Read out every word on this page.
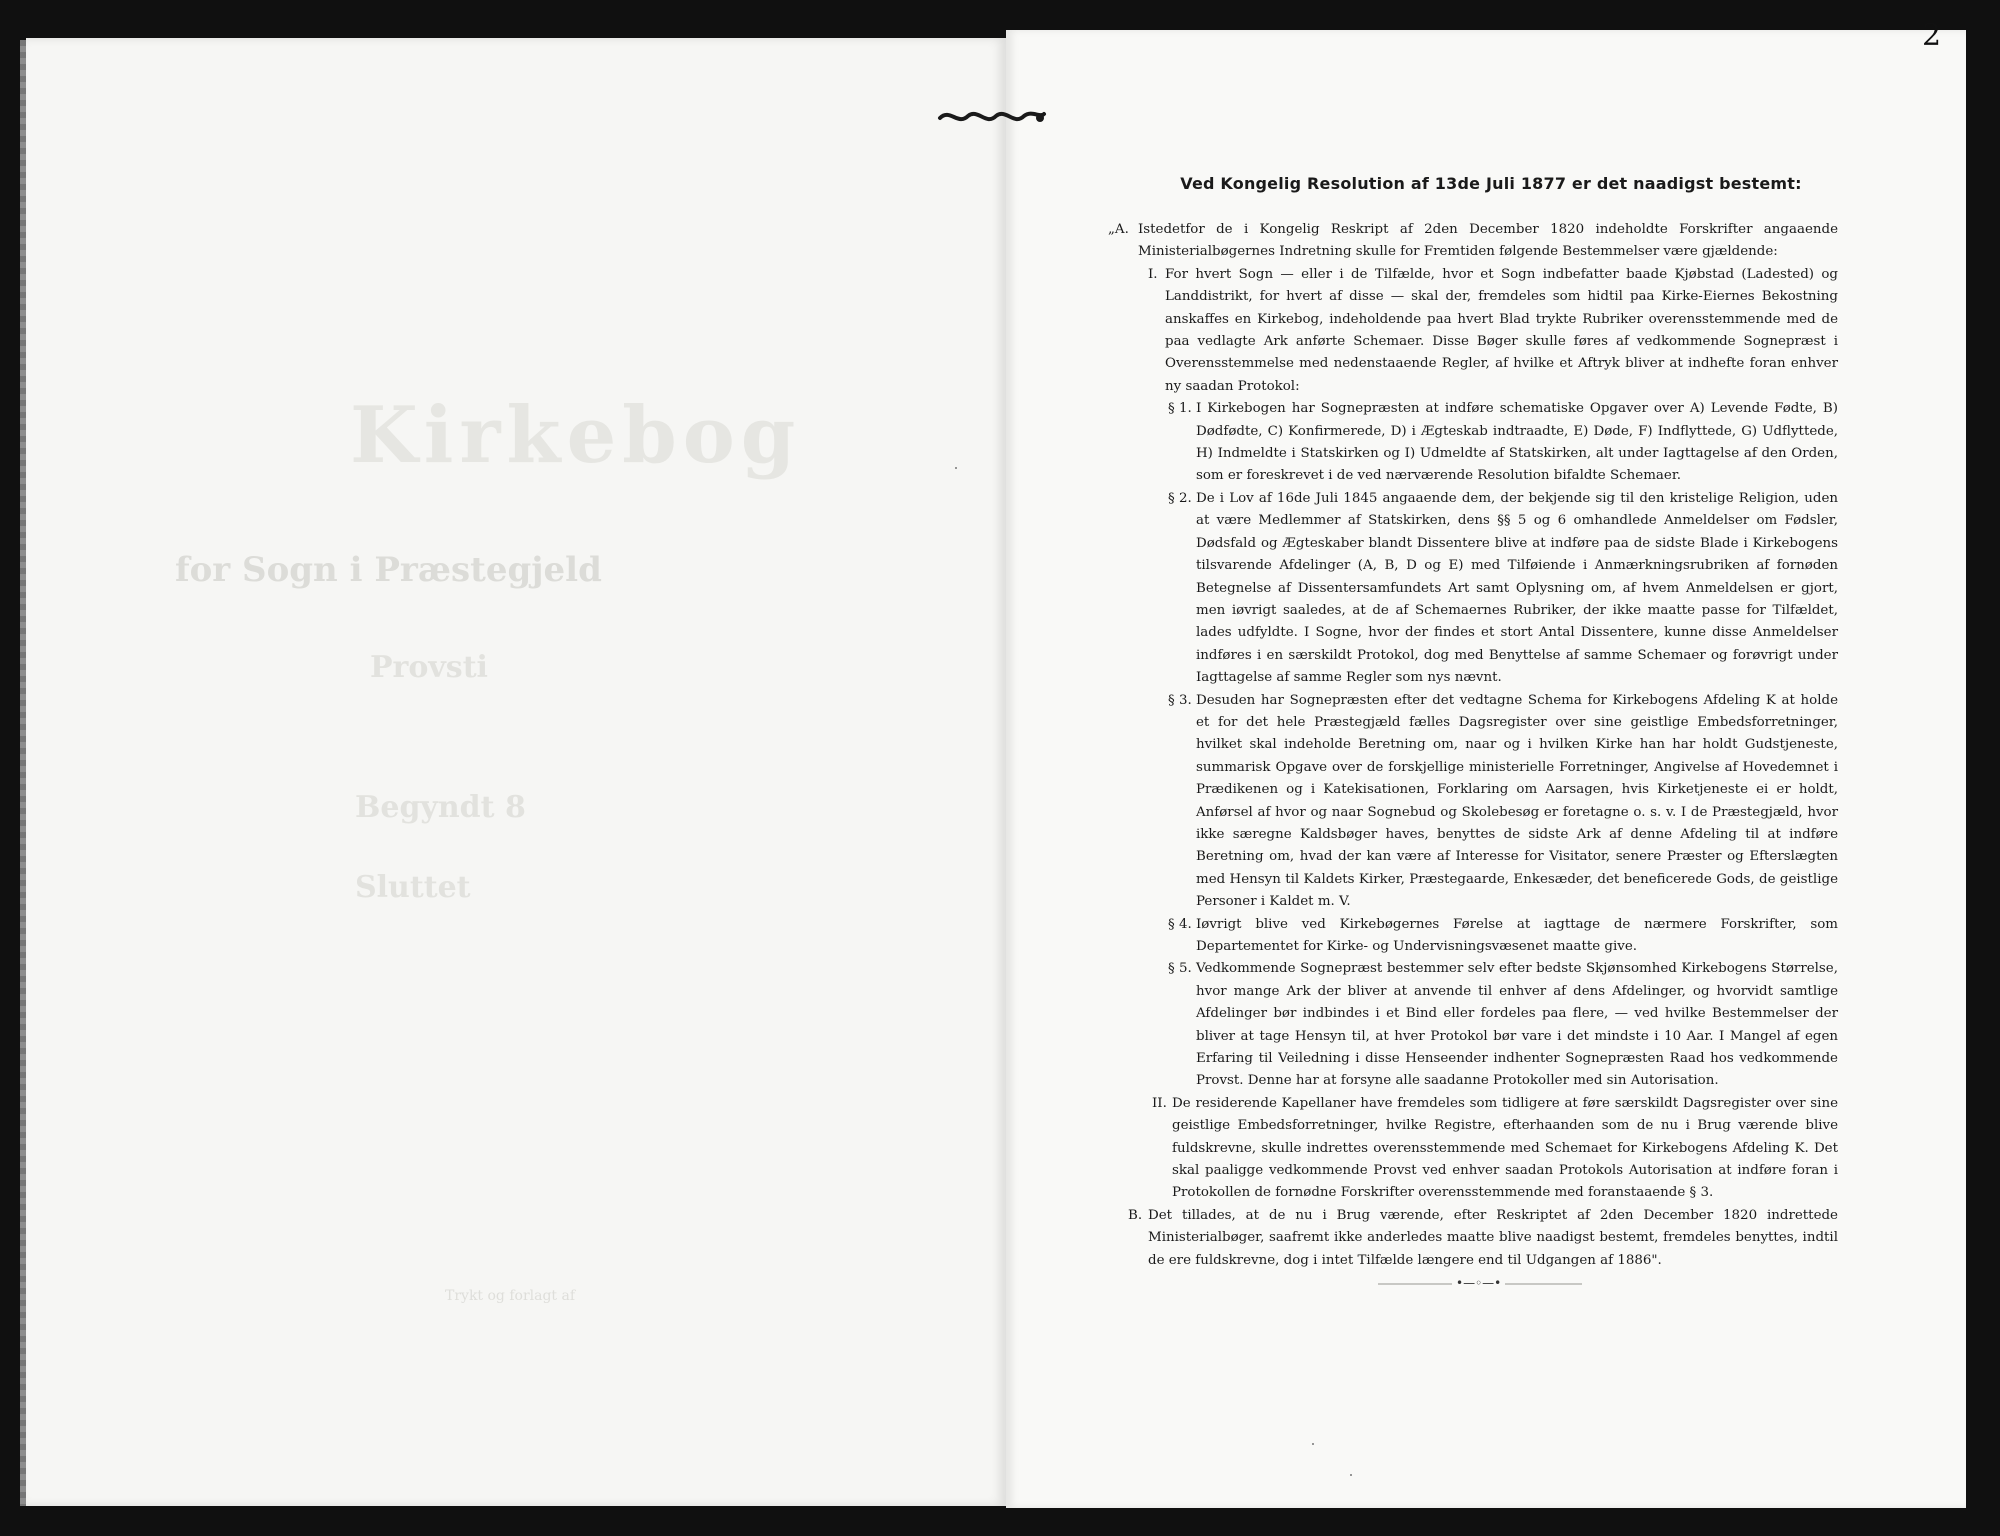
Kirkebog
for Sogn i Præstegjeld
Provsti
Begyndt 8
Sluttet
Trykt og forlagt af
2
Ved Kongelig Resolution af 13de Juli 1877 er det naadigst bestemt:
„A. Istedetfor de i Kongelig Reskript af 2den December 1820 indeholdte Forskrifter angaaende Ministerialbøgernes Indretning skulle for Fremtiden følgende Bestemmelser være gjældende:
I. For hvert Sogn — eller i de Tilfælde, hvor et Sogn indbefatter baade Kjøbstad (Ladested) og Landdistrikt, for hvert af disse — skal der, fremdeles som hidtil paa Kirke-Eiernes Bekostning anskaffes en Kirkebog, indeholdende paa hvert Blad trykte Rubriker overensstemmende med de paa vedlagte Ark anførte Schemaer. Disse Bøger skulle føres af vedkommende Sognepræst i Overensstemmelse med nedenstaaende Regler, af hvilke et Aftryk bliver at indhefte foran enhver ny saadan Protokol:
§ 1. I Kirkebogen har Sognepræsten at indføre schematiske Opgaver over A) Levende Fødte, B) Dødfødte, C) Konfirmerede, D) i Ægteskab indtraadte, E) Døde, F) Indflyttede, G) Udflyttede, H) Indmeldte i Statskirken og I) Udmeldte af Statskirken, alt under Iagttagelse af den Orden, som er foreskrevet i de ved nærværende Resolution bifaldte Schemaer.
§ 2. De i Lov af 16de Juli 1845 angaaende dem, der bekjende sig til den kristelige Religion, uden at være Medlemmer af Statskirken, dens §§ 5 og 6 omhandlede Anmeldelser om Fødsler, Dødsfald og Ægteskaber blandt Dissentere blive at indføre paa de sidste Blade i Kirkebogens tilsvarende Afdelinger (A, B, D og E) med Tilføiende i Anmærkningsrubriken af fornøden Betegnelse af Dissentersamfundets Art samt Oplysning om, af hvem Anmeldelsen er gjort, men iøvrigt saaledes, at de af Schemaernes Rubriker, der ikke maatte passe for Tilfældet, lades udfyldte. I Sogne, hvor der findes et stort Antal Dissentere, kunne disse Anmeldelser indføres i en særskildt Protokol, dog med Benyttelse af samme Schemaer og forøvrigt under Iagttagelse af samme Regler som nys nævnt.
§ 3. Desuden har Sognepræsten efter det vedtagne Schema for Kirkebogens Afdeling K at holde et for det hele Præstegjæld fælles Dagsregister over sine geistlige Embedsforretninger, hvilket skal indeholde Beretning om, naar og i hvilken Kirke han har holdt Gudstjeneste, summarisk Opgave over de forskjellige ministerielle Forretninger, Angivelse af Hovedemnet i Prædikenen og i Katekisationen, Forklaring om Aarsagen, hvis Kirketjeneste ei er holdt, Anførsel af hvor og naar Sognebud og Skolebesøg er foretagne o. s. v. I de Præstegjæld, hvor ikke særegne Kaldsbøger haves, benyttes de sidste Ark af denne Afdeling til at indføre Beretning om, hvad der kan være af Interesse for Visitator, senere Præster og Efterslægten med Hensyn til Kaldets Kirker, Præstegaarde, Enkesæder, det beneficerede Gods, de geistlige Personer i Kaldet m. V.
§ 4. Iøvrigt blive ved Kirkebøgernes Førelse at iagttage de nærmere Forskrifter, som Departementet for Kirke- og Undervisningsvæsenet maatte give.
§ 5. Vedkommende Sognepræst bestemmer selv efter bedste Skjønsomhed Kirkebogens Størrelse, hvor mange Ark der bliver at anvende til enhver af dens Afdelinger, og hvorvidt samtlige Afdelinger bør indbindes i et Bind eller fordeles paa flere, — ved hvilke Bestemmelser der bliver at tage Hensyn til, at hver Protokol bør vare i det mindste i 10 Aar. I Mangel af egen Erfaring til Veiledning i disse Henseender indhenter Sognepræsten Raad hos vedkommende Provst. Denne har at forsyne alle saadanne Protokoller med sin Autorisation.
II. De residerende Kapellaner have fremdeles som tidligere at føre særskildt Dagsregister over sine geistlige Embedsforretninger, hvilke Registre, efterhaanden som de nu i Brug værende blive fuldskrevne, skulle indrettes overensstemmende med Schemaet for Kirkebogens Afdeling K. Det skal paaligge vedkommende Provst ved enhver saadan Protokols Autorisation at indføre foran i Protokollen de fornødne Forskrifter overensstemmende med foranstaaende § 3.
B. Det tillades, at de nu i Brug værende, efter Reskriptet af 2den December 1820 indrettede Ministerialbøger, saafremt ikke anderledes maatte blive naadigst bestemt, fremdeles benyttes, indtil de ere fuldskrevne, dog i intet Tilfælde længere end til Udgangen af 1886".
•—◦—•
